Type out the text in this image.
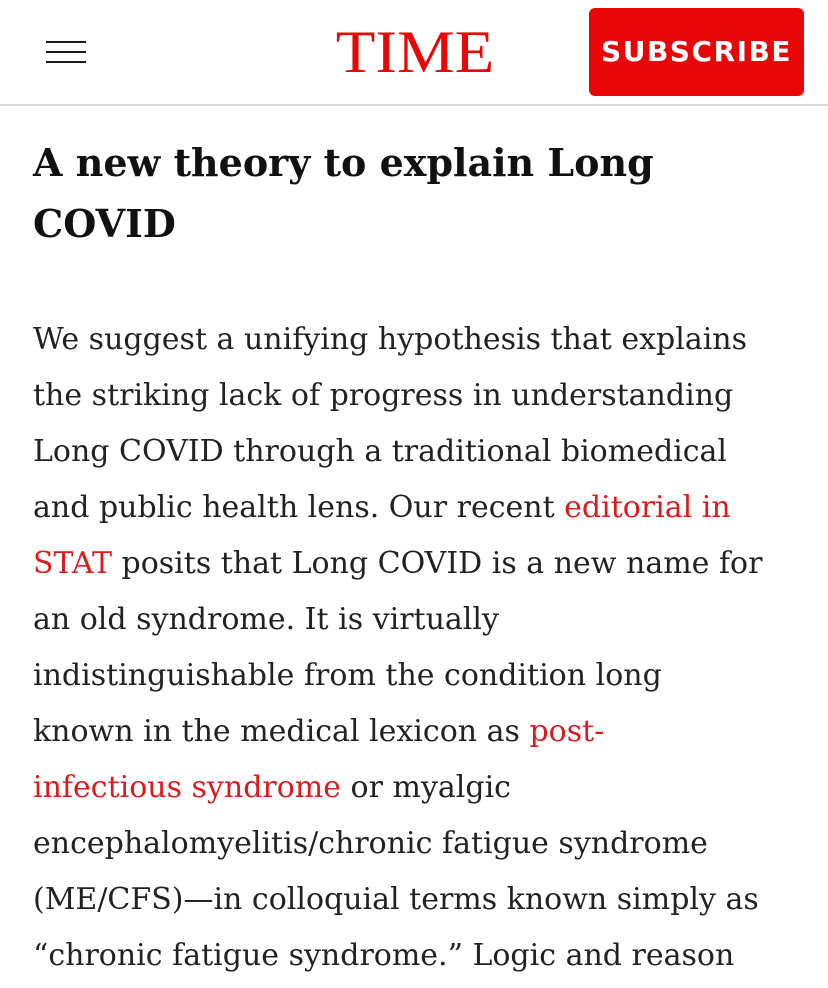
TIME	SUBSCRIBE
A new theory to explain Long
COVID

We suggest a unifying hypothesis that explains
the striking lack of progress in understanding
Long COVID through a traditional biomedical
and public health lens. Our recent editorial in
STAT posits that Long COVID is a new name for
an old syndrome. It is virtually
indistinguishable from the condition long
known in the medical lexicon as post-
infectious syndrome or myalgic
encephalomyelitis/chronic fatigue syndrome
(ME/CFS)—in colloquial terms known simply as
“chronic fatigue syndrome.” Logic and reason
